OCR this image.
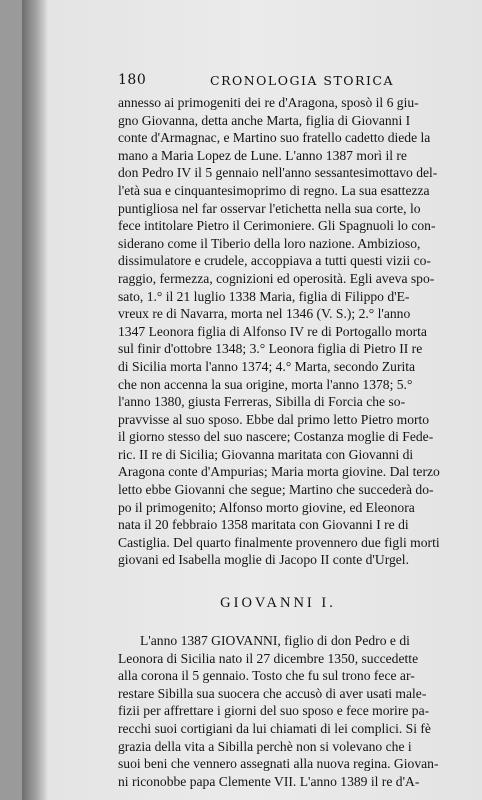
180	CRONOLOGIA STORICA
annesso ai primogeniti dei re d'Aragona, sposò il 6 giu-
gno Giovanna, detta anche Marta, figlia di Giovanni I
conte d'Armagnac, e Martino suo fratello cadetto diede la
mano a Maria Lopez de Lune. L'anno 1387 morì il re
don Pedro IV il 5 gennaio nell'anno sessantesimottavo del-
l'età sua e cinquantesimoprimo di regno. La sua esattezza
puntigliosa nel far osservar l'etichetta nella sua corte, lo
fece intitolare Pietro il Cerimoniere. Gli Spagnuoli lo con-
siderano come il Tiberio della loro nazione. Ambizioso,
dissimulatore e crudele, accoppiava a tutti questi vizii co-
raggio, fermezza, cognizioni ed operosità. Egli aveva spo-
sato, 1.° il 21 luglio 1338 Maria, figlia di Filippo d'E-
vreux re di Navarra, morta nel 1346 (V. S.); 2.° l'anno
1347 Leonora figlia di Alfonso IV re di Portogallo morta
sul finir d'ottobre 1348; 3.° Leonora figlia di Pietro II re
di Sicilia morta l'anno 1374; 4.° Marta, secondo Zurita
che non accenna la sua origine, morta l'anno 1378; 5.°
l'anno 1380, giusta Ferreras, Sibilla di Forcia che so-
pravvisse al suo sposo. Ebbe dal primo letto Pietro morto
il giorno stesso del suo nascere; Costanza moglie di Fede-
ric. II re di Sicilia; Giovanna maritata con Giovanni di
Aragona conte d'Ampurias; Maria morta giovine. Dal terzo
letto ebbe Giovanni che segue; Martino che succederà do-
po il primogenito; Alfonso morto giovine, ed Eleonora
nata il 20 febbraio 1358 maritata con Giovanni I re di
Castiglia. Del quarto finalmente provennero due figli morti
giovani ed Isabella moglie di Jacopo II conte d'Urgel.
GIOVANNI I.
L'anno 1387 GIOVANNI, figlio di don Pedro e di
Leonora di Sicilia nato il 27 dicembre 1350, succedette
alla corona il 5 gennaio. Tosto che fu sul trono fece ar-
restare Sibilla sua suocera che accusò di aver usati male-
fizii per affrettare i giorni del suo sposo e fece morire pa-
recchi suoi cortigiani da lui chiamati di lei complici. Si fè
grazia della vita a Sibilla perchè non si volevano che i
suoi beni che vennero assegnati alla nuova regina. Giovan-
ni riconobbe papa Clemente VII. L'anno 1389 il re d'A-
